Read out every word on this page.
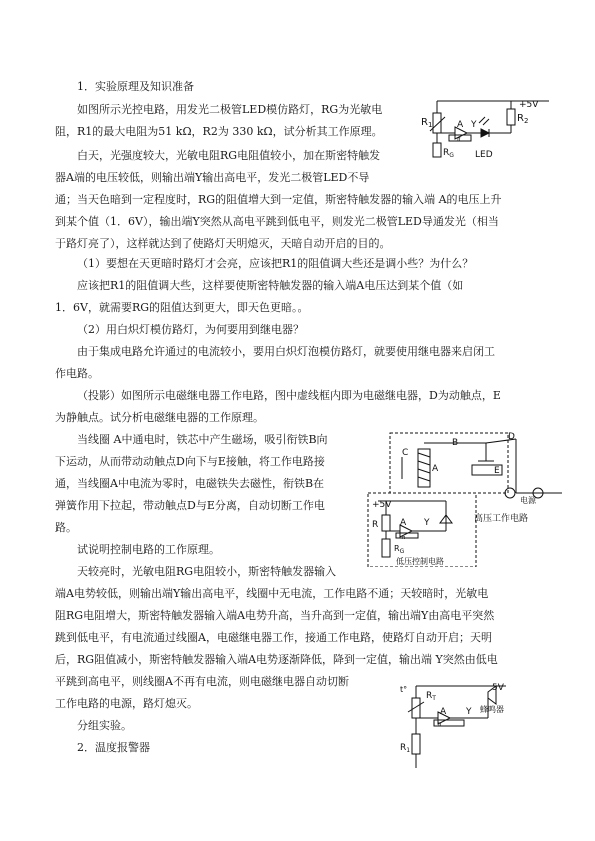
1．实验原理及知识准备
如图所示光控电路，用发光二极管LED模仿路灯，RG为光敏电
阻，R1的最大电阻为51 kΩ，R2为 330 kΩ，试分析其工作原理。
白天，光强度较大，光敏电阻RG电阻值较小，加在斯密特触发
器A端的电压较低，则输出端Y输出高电平，发光二极管LED不导
通；当天色暗到一定程度时，RG的阻值增大到一定值，斯密特触发器的输入端 A的电压上升
到某个值（1．6V），输出端Y突然从高电平跳到低电平，则发光二极管LED导通发光（相当
于路灯亮了），这样就达到了使路灯天明熄灭，天暗自动开启的目的。
（1）要想在天更暗时路灯才会亮，应该把R1的阻值调大些还是调小些？为什么？
应该把R1的阻值调大些，这样要使斯密特触发器的输入端A电压达到某个值（如
1．6V，就需要RG的阻值达到更大，即天色更暗。。
（2）用白炽灯模仿路灯，为何要用到继电器？
由于集成电路允许通过的电流较小，要用白炽灯泡模仿路灯，就要使用继电器来启闭工
作电路。
（投影）如图所示电磁继电器工作电路，图中虚线框内即为电磁继电器，D为动触点，E
为静触点。试分析电磁继电器的工作原理。
当线圈 A中通电时，铁芯中产生磁场，吸引衔铁B向
下运动，从而带动动触点D向下与E接触，将工作电路接
通，当线圈A中电流为零时，电磁铁失去磁性，衔铁B在
弹簧作用下拉起，带动触点D与E分离，自动切断工作电
路。
试说明控制电路的工作原理。
天较亮时，光敏电阻RG电阻较小，斯密特触发器输入
端A电势较低，则输出端Y输出高电平，线圈中无电流，工作电路不通；天较暗时，光敏电
阻RG电阻增大，斯密特触发器输入端A电势升高，当升高到一定值，输出端Y由高电平突然
跳到低电平，有电流通过线圈A，电磁继电器工作，接通工作电路，使路灯自动开启；天明
后，RG阻值减小，斯密特触发器输入端A电势逐渐降低，降到一定值，输出端 Y突然由低电
平跳到高电平，则线圈A不再有电流，则电磁继电器自动切断
工作电路的电源，路灯熄灭。
分组实验。
2．温度报警器
$R_1$	A Y
π
$R_2$
$R_G$ LED
+5V
C
B
D
A	E
电源
高压工作电路
+5V
R A Y
π
$R_G$
低压控制电路
t°
$R_T$
A Y
π
5V
蜂鸣器
$R_1$
